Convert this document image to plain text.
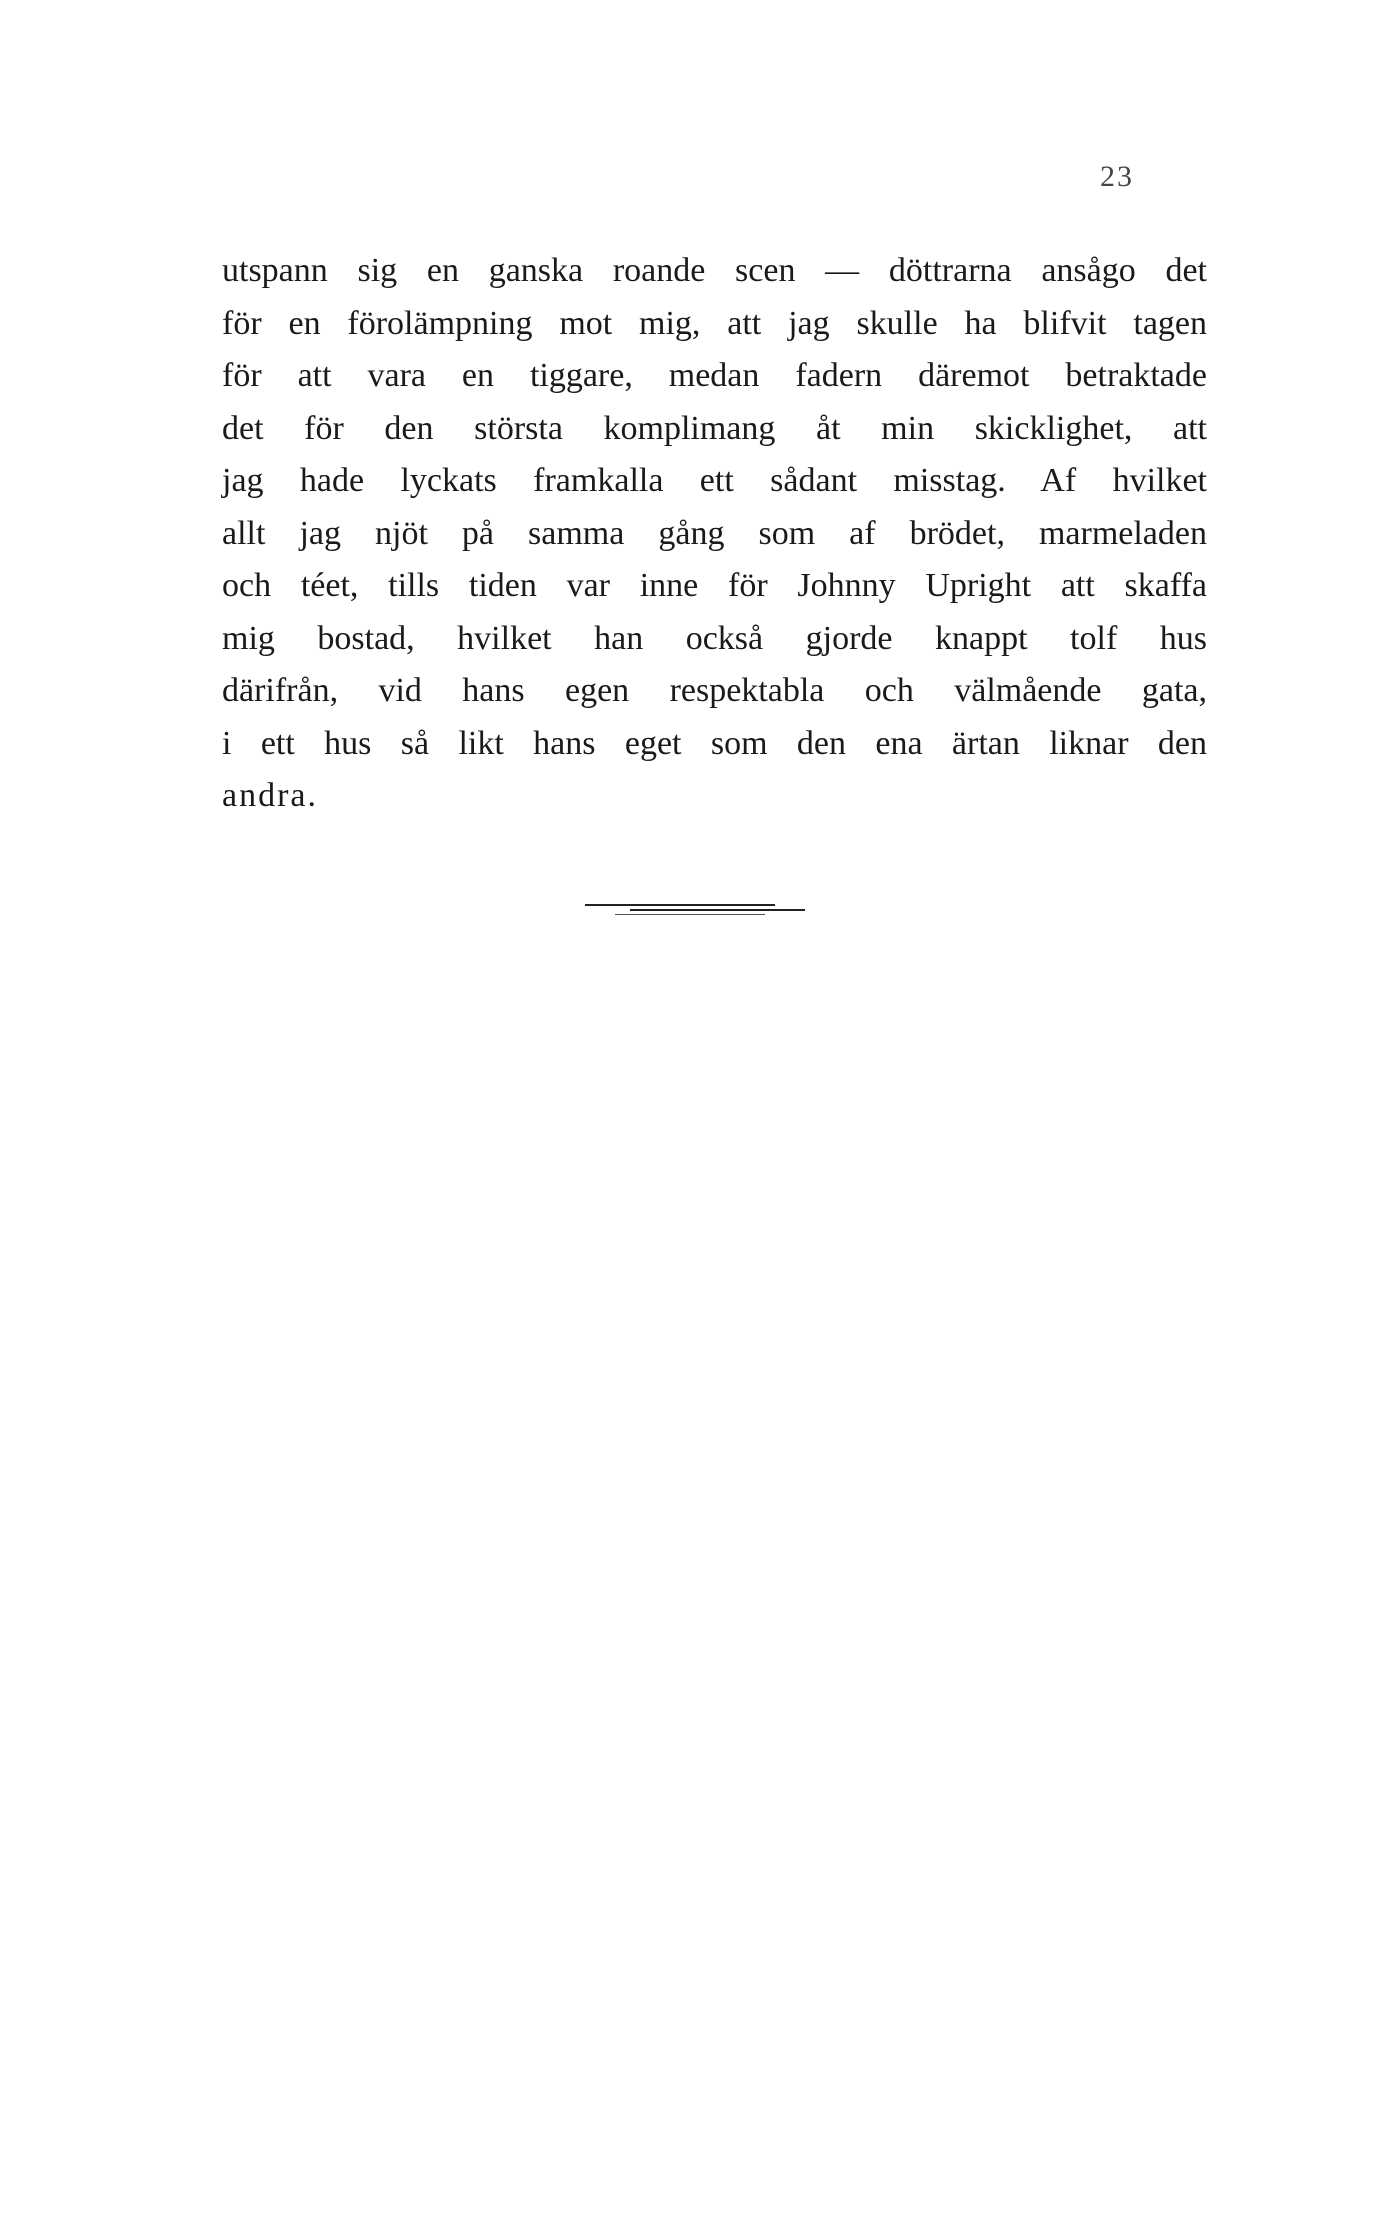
23
utspann sig en ganska roande scen — döttrarna ansågo det
för en förolämpning mot mig, att jag skulle ha blifvit tagen
för att vara en tiggare, medan fadern däremot betraktade
det för den största komplimang åt min skicklighet, att
jag hade lyckats framkalla ett sådant misstag. Af hvilket
allt jag njöt på samma gång som af brödet, marmeladen
och téet, tills tiden var inne för Johnny Upright att skaffa
mig bostad, hvilket han också gjorde knappt tolf hus
därifrån, vid hans egen respektabla och välmående gata,
i ett hus så likt hans eget som den ena ärtan liknar den
andra.
